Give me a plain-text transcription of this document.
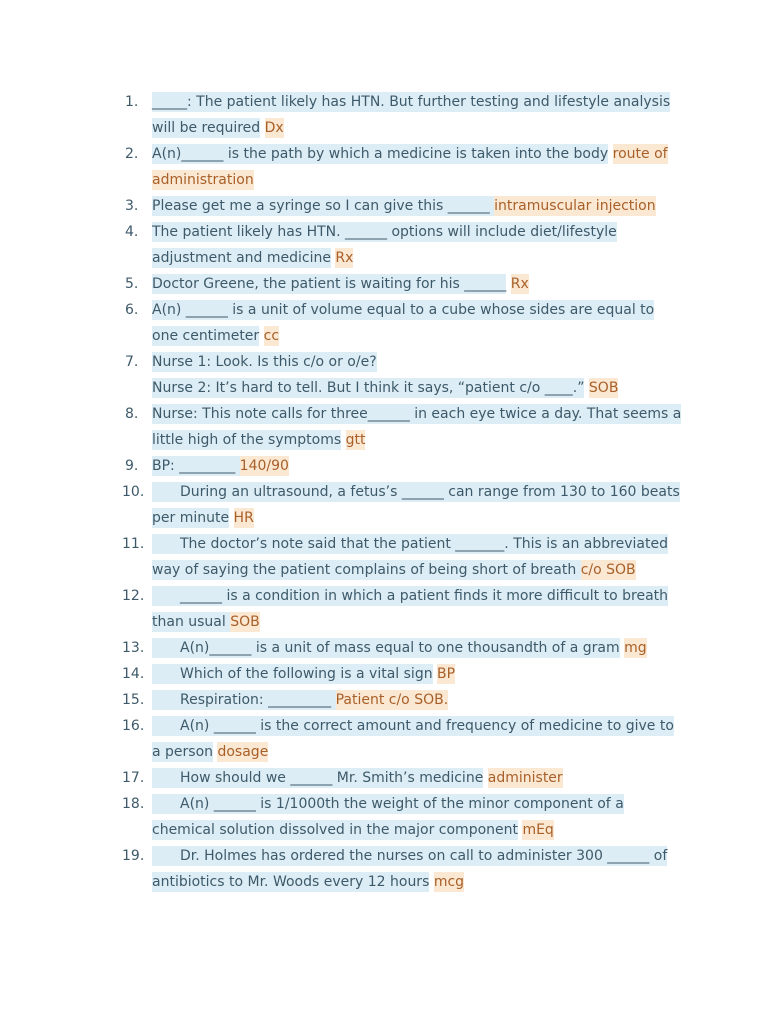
1. _____: The patient likely has HTN. But further testing and lifestyle analysis will be required Dx
2. A(n)______ is the path by which a medicine is taken into the body route of administration
3. Please get me a syringe so I can give this ______ intramuscular injection
4. The patient likely has HTN. ______ options will include diet/lifestyle adjustment and medicine Rx
5. Doctor Greene, the patient is waiting for his ______ Rx
6. A(n) ______ is a unit of volume equal to a cube whose sides are equal to one centimeter cc
7. Nurse 1: Look. Is this c/o or o/e?
Nurse 2: It’s hard to tell. But I think it says, “patient c/o ____.” SOB
8. Nurse: This note calls for three______ in each eye twice a day. That seems a little high of the symptoms gtt
9. BP: ________ 140/90
10.	During an ultrasound, a fetus’s ______ can range from 130 to 160 beats per minute HR
11.	The doctor’s note said that the patient _______. This is an abbreviated way of saying the patient complains of being short of breath c/o SOB
12.	______ is a condition in which a patient finds it more difficult to breath than usual SOB
13.	A(n)______ is a unit of mass equal to one thousandth of a gram mg
14.	Which of the following is a vital sign BP
15.	Respiration: _________ Patient c/o SOB.
16.	A(n) ______ is the correct amount and frequency of medicine to give to a person dosage
17.	How should we ______ Mr. Smith’s medicine administer
18.	A(n) ______ is 1/1000th the weight of the minor component of a chemical solution dissolved in the major component mEq
19.	Dr. Holmes has ordered the nurses on call to administer 300 ______ of antibiotics to Mr. Woods every 12 hours mcg
